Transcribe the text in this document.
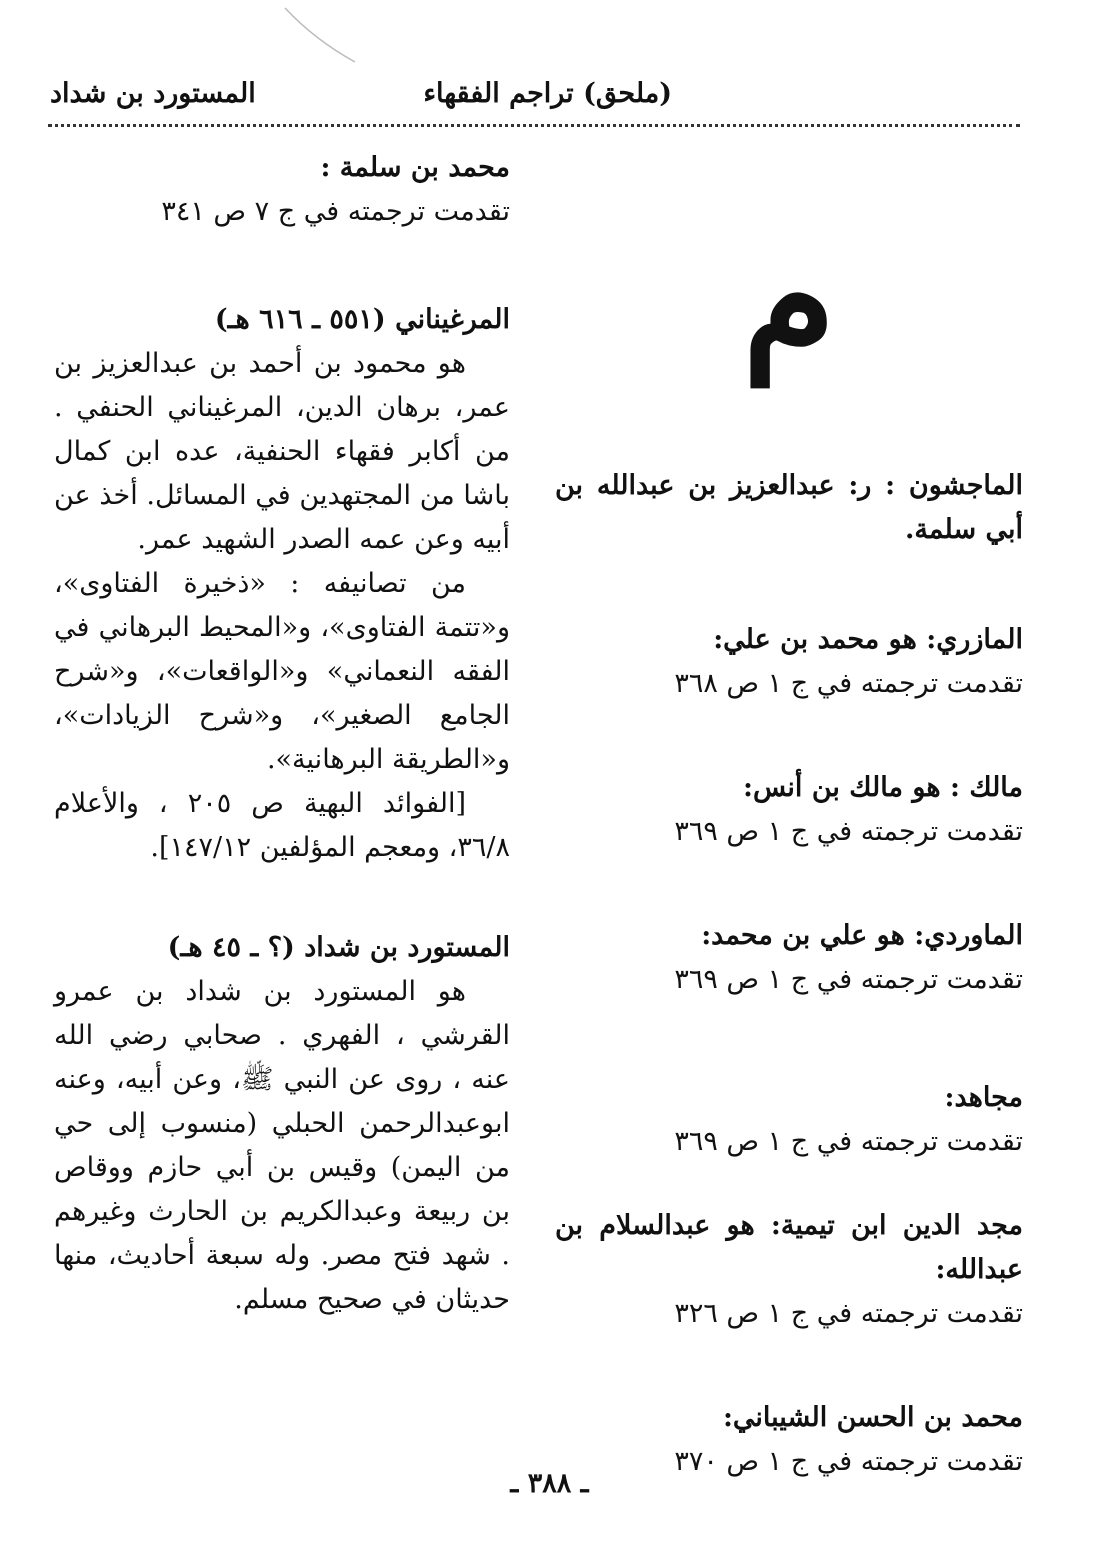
(ملحق) تراجم الفقهاء
المستورد بن شداد
م
الماجشون : ر: عبدالعزيز بن عبدالله بن أبي سلمة.
المازري: هو محمد بن علي:
تقدمت ترجمته في ج ١ ص ٣٦٨
مالك : هو مالك بن أنس:
تقدمت ترجمته في ج ١ ص ٣٦٩
الماوردي: هو علي بن محمد:
تقدمت ترجمته في ج ١ ص ٣٦٩
مجاهد:
تقدمت ترجمته في ج ١ ص ٣٦٩
مجد الدين ابن تيمية: هو عبدالسلام بن عبدالله:
تقدمت ترجمته في ج ١ ص ٣٢٦
محمد بن الحسن الشيباني:
تقدمت ترجمته في ج ١ ص ٣٧٠
محمد بن سلمة :
تقدمت ترجمته في ج ٧ ص ٣٤١
المرغيناني (٥٥١ ـ ٦١٦ هـ)
هو محمود بن أحمد بن عبدالعزيز بن عمر، برهان الدين، المرغيناني الحنفي . من أكابر فقهاء الحنفية، عده ابن كمال باشا من المجتهدين في المسائل. أخذ عن أبيه وعن عمه الصدر الشهيد عمر.
من تصانيفه : «ذخيرة الفتاوى»، و«تتمة الفتاوى»، و«المحيط البرهاني في الفقه النعماني» و«الواقعات»، و«شرح الجامع الصغير»، و«شرح الزيادات»، و«الطريقة البرهانية».
[الفوائد البهية ص ٢٠٥ ، والأعلام ٣٦/٨، ومعجم المؤلفين ١٤٧/١٢].
المستورد بن شداد (؟ ـ ٤٥ هـ)
هو المستورد بن شداد بن عمرو القرشي ، الفهري . صحابي رضي الله عنه ، روى عن النبي ﷺ، وعن أبيه، وعنه ابوعبدالرحمن الحبلي (منسوب إلى حي من اليمن) وقيس بن أبي حازم ووقاص بن ربيعة وعبدالكريم بن الحارث وغيرهم . شهد فتح مصر. وله سبعة أحاديث، منها حديثان في صحيح مسلم.
ـ ٣٨٨ ـ
